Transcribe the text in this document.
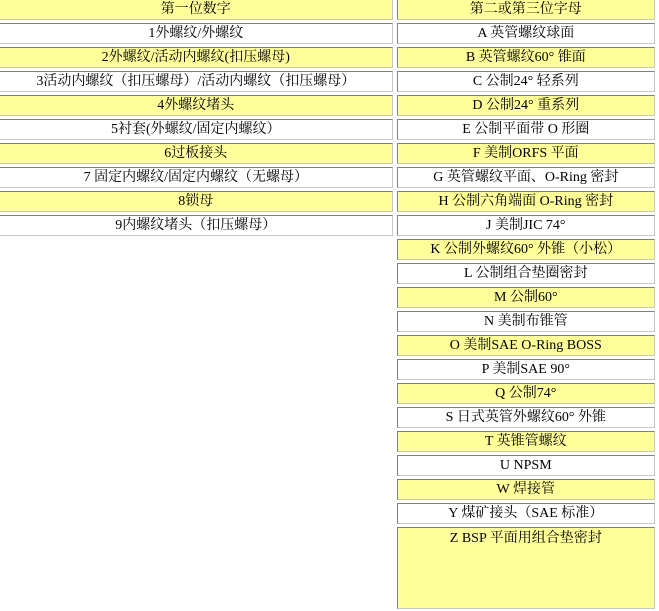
第一位数字	第二或第三位字母
1外螺纹/外螺纹	A 英管螺纹球面
2外螺纹/活动内螺纹(扣压螺母)	B 英管螺纹60° 锥面
3活动内螺纹（扣压螺母）/活动内螺纹（扣压螺母）	C 公制24° 轻系列
4外螺纹堵头	D 公制24° 重系列
5衬套(外螺纹/固定内螺纹）	E 公制平面带 O 形圈
6过板接头	F 美制ORFS 平面
7 固定内螺纹/固定内螺纹（无螺母）	G 英管螺纹平面、O-Ring 密封
8锁母	H 公制六角端面 O-Ring 密封
9内螺纹堵头（扣压螺母）	J 美制JIC 74°
	K 公制外螺纹60° 外锥（小松）
	L 公制组合垫圈密封
	M 公制60°
	N 美制布锥管
	O 美制SAE O-Ring BOSS
	P 美制SAE 90°
	Q 公制74°
	S 日式英管外螺纹60° 外锥
	T 英锥管螺纹
	U NPSM
	W 焊接管
	Y 煤矿接头（SAE 标准）
	Z BSP 平面用组合垫密封
